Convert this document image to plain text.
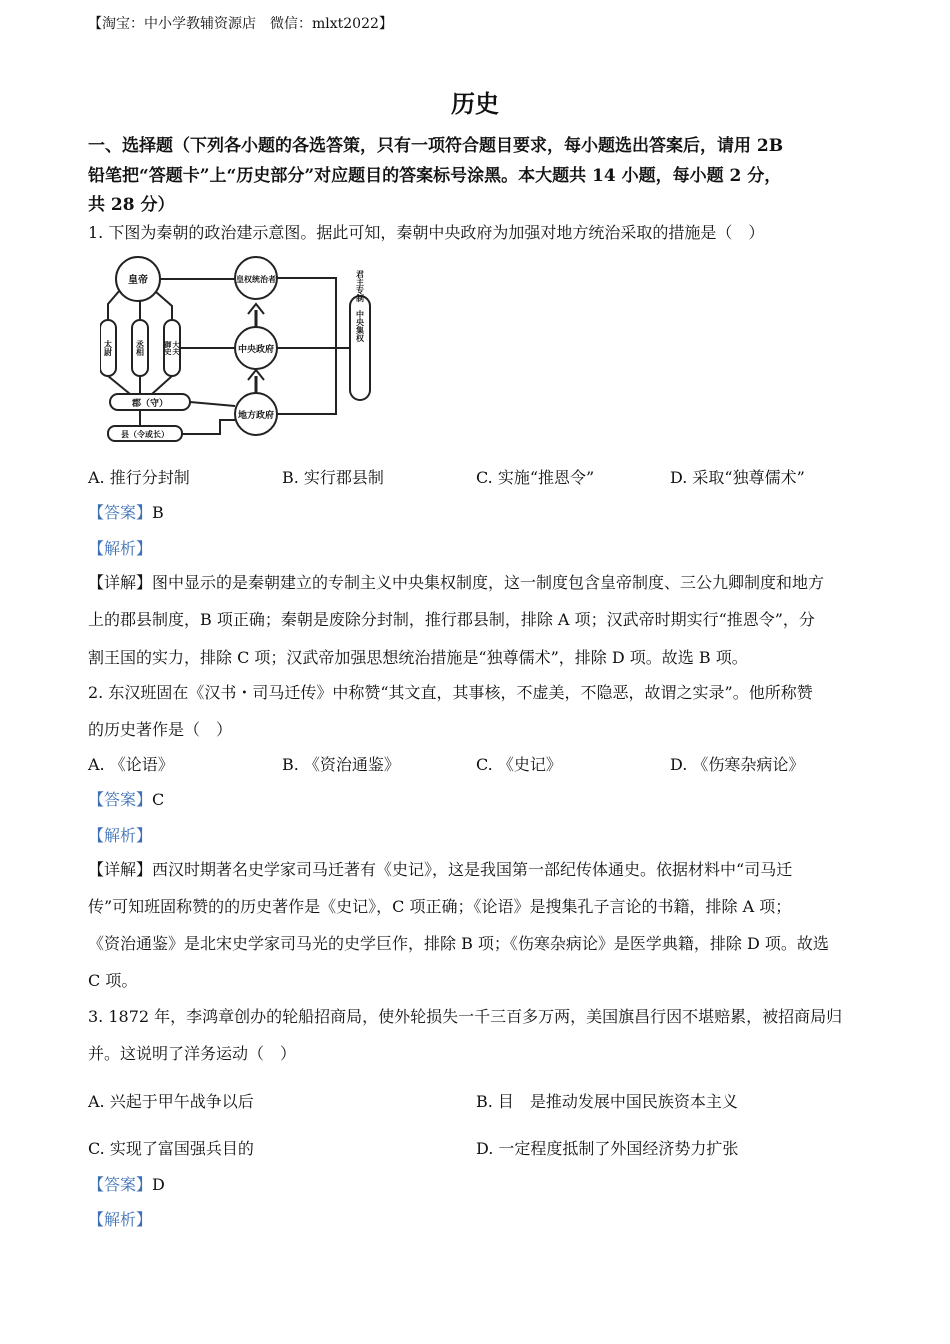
【淘宝：中小学教辅资源店　微信：mlxt2022】
历史
一、选择题（下列各小题的各选答策，只有一项符合题目要求，每小题选出答案后，请用 2B
铅笔把“答题卡”上“历史部分”对应题目的答案标号涂黑。本大题共 14 小题，每小题 2 分，
共 28 分）
1. 下图为秦朝的政治建示意图。据此可知，秦朝中央政府为加强对地方统治采取的措施是（　）
皇帝
太尉	丞相	御史 大夫
郡（守）
县（令或长）
皇权统治者
中央政府
地方政府
君主专制　中央集权
A. 推行分封制	B. 实行郡县制	C. 实施“推恩令”	D. 采取“独尊儒术”
【答案】B
【解析】
【详解】图中显示的是秦朝建立的专制主义中央集权制度，这一制度包含皇帝制度、三公九卿制度和地方
上的郡县制度，B 项正确；秦朝是废除分封制，推行郡县制，排除 A 项；汉武帝时期实行“推恩令”，分
割王国的实力，排除 C 项；汉武帝加强思想统治措施是“独尊儒术”，排除 D 项。故选 B 项。
2. 东汉班固在《汉书・司马迁传》中称赞“其文直，其事核，不虚美，不隐恶，故谓之实录”。他所称赞
的历史著作是（　）
A. 《论语》	B. 《资治通鉴》	C. 《史记》	D. 《伤寒杂病论》
【答案】C
【解析】
【详解】西汉时期著名史学家司马迁著有《史记》，这是我国第一部纪传体通史。依据材料中“司马迁
传”可知班固称赞的的历史著作是《史记》，C 项正确；《论语》是搜集孔子言论的书籍，排除 A 项；
《资治通鉴》是北宋史学家司马光的史学巨作，排除 B 项；《伤寒杂病论》是医学典籍，排除 D 项。故选
C 项。
3. 1872 年，李鸿章创办的轮船招商局，使外轮损失一千三百多万两，美国旗昌行因不堪赔累，被招商局归
并。这说明了洋务运动（　）
A. 兴起于甲午战争以后	B. 目　是推动发展中国民族资本主义
C. 实现了富国强兵目的	D. 一定程度抵制了外国经济势力扩张
【答案】D
【解析】
